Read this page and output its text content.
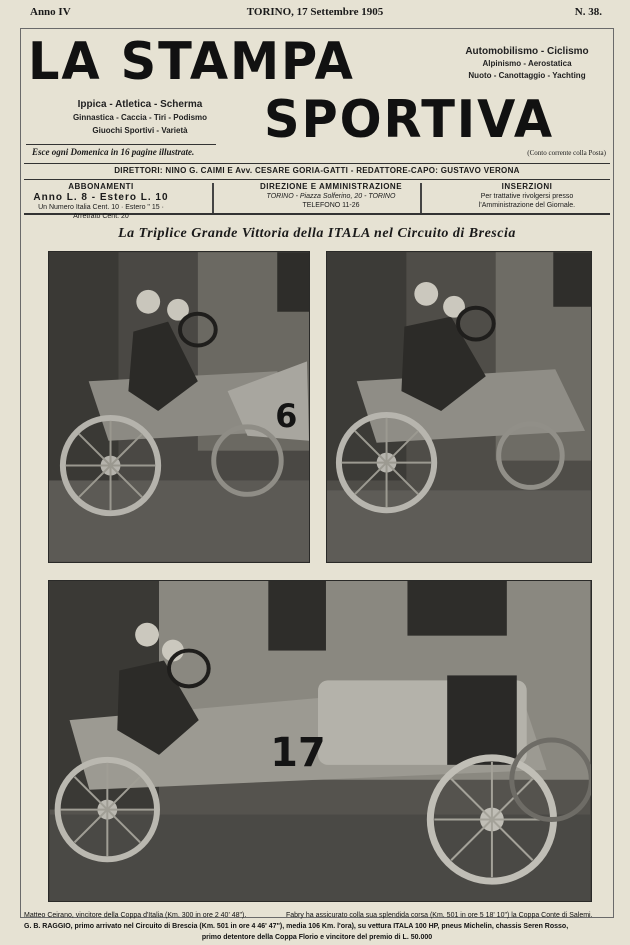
Anno IV	TORINO, 17 Settembre 1905	N. 38.
LA STAMPA
SPORTIVA
Ippica - Atletica - Scherma
Ginnastica - Caccia - Tiri - Podismo
Giuochi Sportivi - Varietà
Automobilismo - Ciclismo
Alpinismo - Aerostatica
Nuoto - Canottaggio - Yachting
Esce ogni Domenica in 16 pagine illustrate.	(Conto corrente colla Posta)
DIRETTORI: NINO G. CAIMI E Avv. CESARE GORIA-GATTI - REDATTORE-CAPO: GUSTAVO VERONA
ABBONAMENTI
Anno L. 8 - Estero L. 10
Un Numero Italia Cent. 10 · Estero " 15 · Arretrato Cent. 20
DIREZIONE E AMMINISTRAZIONE
TORINO - Piazza Solferino, 20 - TORINO
TELEFONO 11-26
INSERZIONI
Per trattative rivolgersi presso
l'Amministrazione del Giornale.
La Triplice Grande Vittoria della ITALA nel Circuito di Brescia
6
17
Matteo Ceirano, vincitore della Coppa d'Italia (Km. 300 in ore 2 40' 48").	Fabry ha assicurato colla sua splendida corsa (Km. 501 in ore 5 18' 10") la Coppa Conte di Salemi.
G. B. RAGGIO, primo arrivato nel Circuito di Brescia (Km. 501 in ore 4 46' 47"), media 106 Km. l'ora), su vettura ITALA 100 HP, pneus Michelin, chassis Seren Rosso,
primo detentore della Coppa Florio e vincitore del premio di L. 50.000
